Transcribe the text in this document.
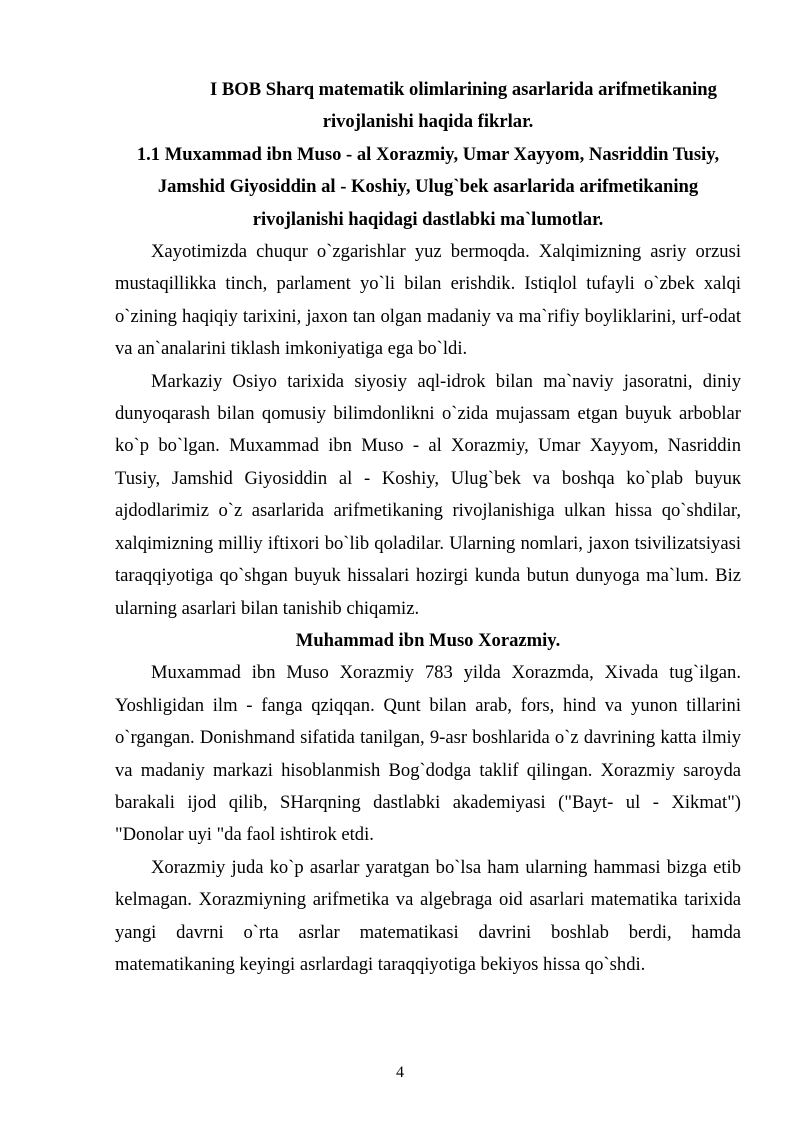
I BOB Sharq matematik olimlarining asarlarida arifmetikaning
rivojlanishi haqida fikrlar.

1.1 Muxammad ibn Muso - al Xorazmiy, Umar Xayyom, Nasriddin Tusiy, Jamshid Giyosiddin al - Koshiy, Ulug`bek asarlarida arifmetikaning rivojlanishi haqidagi dastlabki ma`lumotlar.

Xayotimizda chuqur o`zgarishlar yuz bermoqda. Xalqimizning asriy orzusi mustaqillikka tinch, parlament yo`li bilan erishdik. Istiqlol tufayli o`zbek xalqi o`zining haqiqiy tarixini, jaxon tan olgan madaniy va ma`rifiy boyliklarini, urf-odat va an`analarini tiklash imkoniyatiga ega bo`ldi.

Markaziy Osiyo tarixida siyosiy aql-idrok bilan ma`naviy jasoratni, diniy dunyoqarash bilan qomusiy bilimdonlikni o`zida mujassam etgan buyuk arboblar ko`p bo`lgan. Muxammad ibn Muso - al Xorazmiy, Umar Xayyom, Nasriddin Tusiy, Jamshid Giyosiddin al - Koshiy, Ulug`bek va boshqa ko`plab buyuк ajdodlarimiz o`z asarlarida arifmetikaning rivojlanishiga ulkan hissa qo`shdilar, xalqimizning milliy iftixori bo`lib qoladilar. Ularning nomlari, jaxon tsivilizatsiyasi taraqqiyotiga qo`shgan buyuk hissalari hozirgi kunda butun dunyoga ma`lum. Biz ularning asarlari bilan tanishib chiqamiz.

Muhammad ibn Muso Xorazmiy.

Muxammad ibn Muso Xorazmiy 783 yilda Xorazmda, Xivada tug`ilgan. Yoshligidan ilm - fanga qziqqan. Qunt bilan arab, fors, hind va yunon tillarini o`rgangan. Donishmand sifatida tanilgan, 9-asr boshlarida o`z davrining katta ilmiy va madaniy markazi hisoblanmish Bog`dodga taklif qilingan. Xorazmiy saroyda barakali ijod qilib, SHarqning dastlabki akademiyasi ("Bayt- ul - Xikmat") "Donolar uyi "da faol ishtirok etdi.

Xorazmiy juda ko`p asarlar yaratgan bo`lsa ham ularning hammasi bizga etib kelmagan. Xorazmiyning arifmetika va algebraga oid asarlari matematika tarixida yangi davrni o`rta asrlar matematikasi davrini boshlab berdi, hamda matematikaning keyingi asrlardagi taraqqiyotiga bekiyos hissa qo`shdi.

4
